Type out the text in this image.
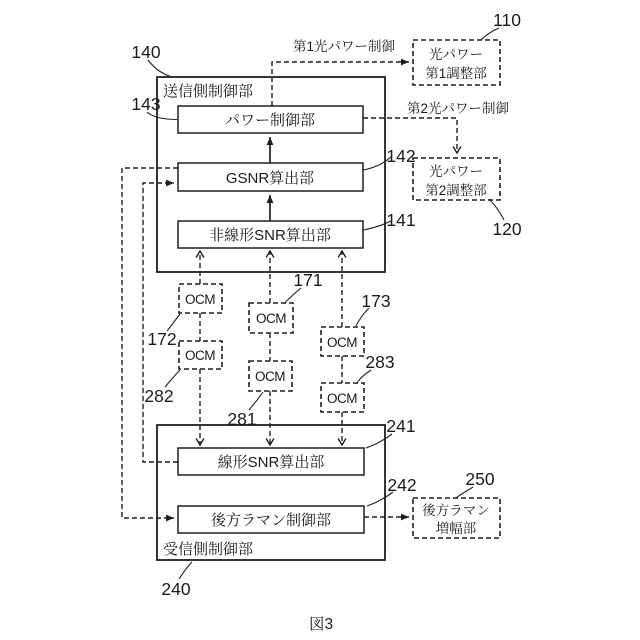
送信側制御部
パワー制御部
GSNR算出部
非線形SNR算出部
受信側制御部
線形SNR算出部
後方ラマン制御部
光パワー
第1調整部
光パワー
第2調整部
後方ラマン
増幅部
OCM
OCM
OCM
OCM
OCM
OCM
第1光パワー制御
第2光パワー制御
110
140
143
142
141	120
171
173
172
283
282
281	241
242	250
240
図3
